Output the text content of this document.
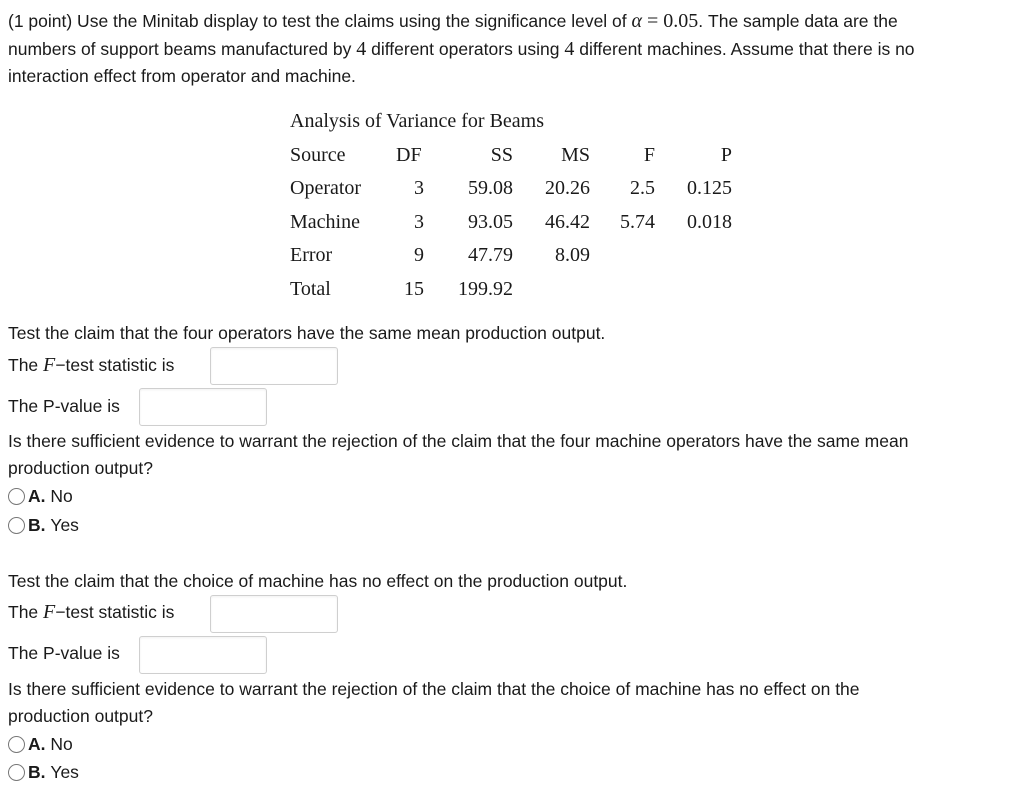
(1 point) Use the Minitab display to test the claims using the significance level of α = 0.05. The sample data are the

numbers of support beams manufactured by 4 different operators using 4 different machines. Assume that there is no

interaction effect from operator and machine.

Analysis of Variance for Beams
Source	DF	SS MS	F	P
Operator	3 59.08 20.26 2.5 0.125
Machine	3 93.05 46.42 5.74 0.018
Error	9 47.79 8.09
Total	15 199.92

Test the claim that the four operators have the same mean production output.

The F−test statistic is

The P-value is

Is there sufficient evidence to warrant the rejection of the claim that the four machine operators have the same mean

production output?

A.
No
B.
Yes

Test the claim that the choice of machine has no effect on the production output.

The F−test statistic is

The P-value is

Is there sufficient evidence to warrant the rejection of the claim that the choice of machine has no effect on the

production output?

A.
No
B.
Yes
